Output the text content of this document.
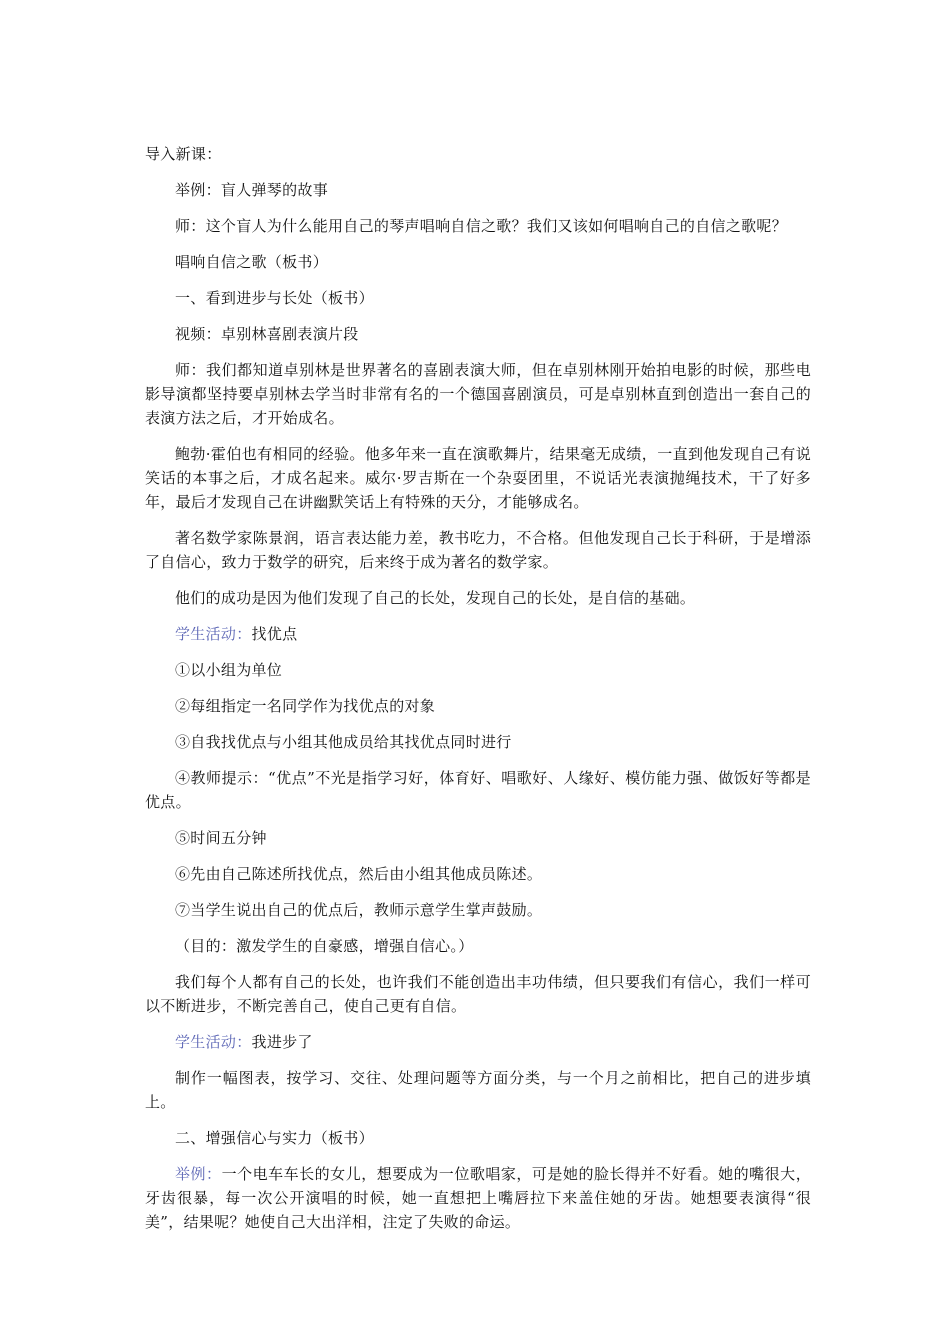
导入新课：

举例：盲人弹琴的故事

师：这个盲人为什么能用自己的琴声唱响自信之歌？我们又该如何唱响自己的自信之歌呢？

唱响自信之歌（板书）

一、看到进步与长处（板书）

视频：卓别林喜剧表演片段

师：我们都知道卓别林是世界著名的喜剧表演大师，但在卓别林刚开始拍电影的时候，那些电影导演都坚持要卓别林去学当时非常有名的一个德国喜剧演员，可是卓别林直到创造出一套自己的表演方法之后，才开始成名。

鲍勃·霍伯也有相同的经验。他多年来一直在演歌舞片，结果毫无成绩，一直到他发现自己有说笑话的本事之后，才成名起来。威尔·罗吉斯在一个杂耍团里，不说话光表演抛绳技术，干了好多年，最后才发现自己在讲幽默笑话上有特殊的天分，才能够成名。

著名数学家陈景润，语言表达能力差，教书吃力，不合格。但他发现自己长于科研，于是增添了自信心，致力于数学的研究，后来终于成为著名的数学家。

他们的成功是因为他们发现了自己的长处，发现自己的长处，是自信的基础。

学生活动：找优点

①以小组为单位

②每组指定一名同学作为找优点的对象

③自我找优点与小组其他成员给其找优点同时进行

④教师提示：“优点”不光是指学习好，体育好、唱歌好、人缘好、模仿能力强、做饭好等都是优点。

⑤时间五分钟

⑥先由自己陈述所找优点，然后由小组其他成员陈述。

⑦当学生说出自己的优点后，教师示意学生掌声鼓励。

（目的：激发学生的自豪感，增强自信心。）

我们每个人都有自己的长处，也许我们不能创造出丰功伟绩，但只要我们有信心，我们一样可以不断进步，不断完善自己，使自己更有自信。

学生活动：我进步了

制作一幅图表，按学习、交往、处理问题等方面分类，与一个月之前相比，把自己的进步填上。

二、增强信心与实力（板书）

举例：一个电车车长的女儿，想要成为一位歌唱家，可是她的脸长得并不好看。她的嘴很大，牙齿很暴，每一次公开演唱的时候，她一直想把上嘴唇拉下来盖住她的牙齿。她想要表演得“很美”，结果呢？她使自己大出洋相，注定了失败的命运。
